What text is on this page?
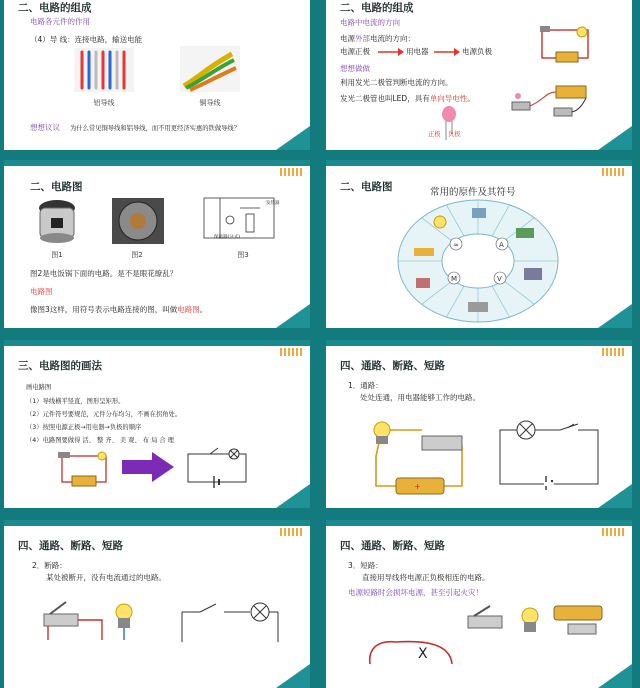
二、电路的组成
电路各元件的作用
（4）导 线：连接电路，输送电能
铝导线	铜导线
想想议议 为什么常见铜导线和铝导线，而不用更经济实惠的铁做导线？
二、电路的组成
电路中电流的方向
电源外部电流的方向：
电源正极	用电器	电源负极
想想做做
利用发光二极管判断电流的方向。
发光二极管也叫LED，具有单向导电性。
正极 负极
二、电路图
保温器(分式)
发热器
图1	图2	图3
图2是电饭锅下面的电路。是不是眼花缭乱？
电路图
像图3这样，用符号表示电路连接的图，叫做电路图。
二、电路图	常用的原件及其符号
A
V
M
≈
三、电路图的画法
画电路图
（1）导线横平竖直，图形呈矩形。
（2）元件符号要规范，元件分布均匀，不画在拐角处。
（3）按照电源正极→用电器→负极的顺序
（4）电路图要做得 活、 整 齐、 美 观、 布 局 合 理
四、通路、断路、短路
1．通路：
处处连通，用电器能够工作的电路。
+
四、通路、断路、短路
2．断路：
某处被断开，没有电流通过的电路。
四、通路、断路、短路
3．短路：
直接用导线将电源正负极相连的电路。
电源短路时会损坏电源，甚至引起火灾！
X
